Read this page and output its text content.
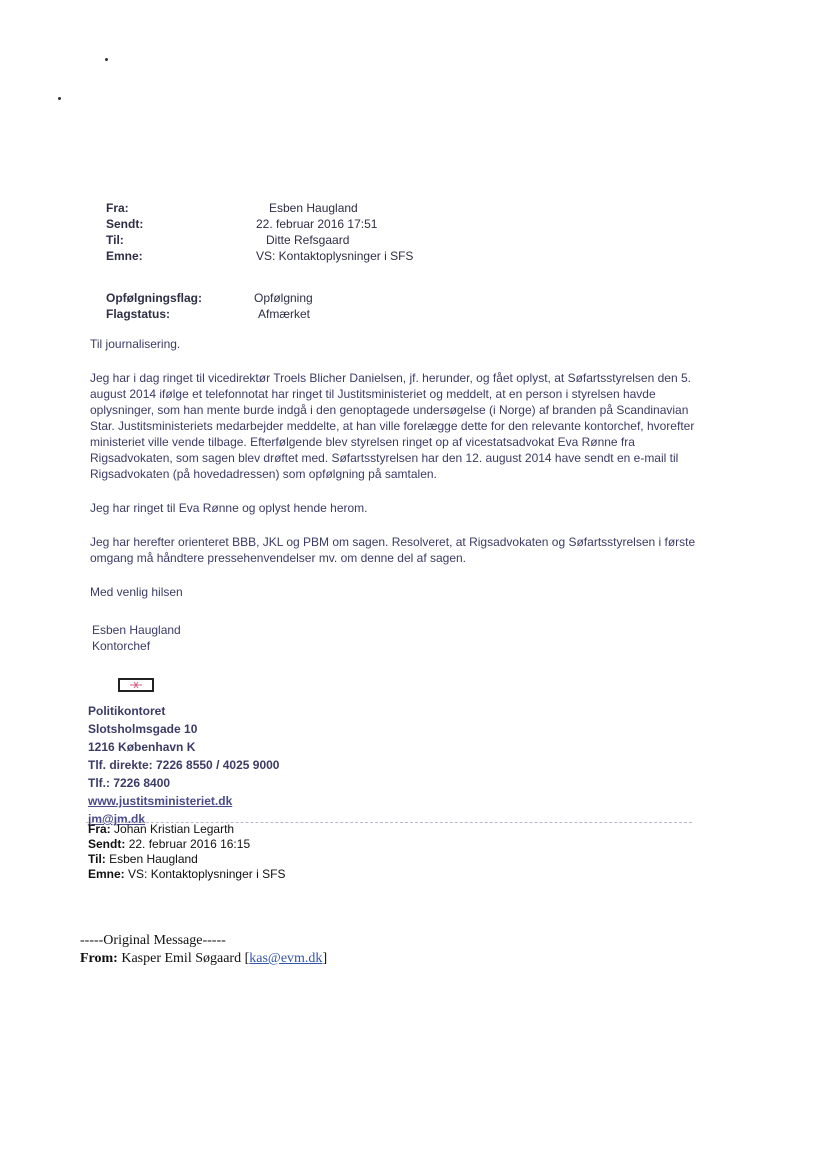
Fra:	Esben Haugland
Sendt:	22. februar 2016 17:51
Til:	Ditte Refsgaard
Emne:	VS: Kontaktoplysninger i SFS
Opfølgningsflag:	Opfølgning
Flagstatus:	Afmærket

Til journalisering.

Jeg har i dag ringet til vicedirektør Troels Blicher Danielsen, jf. herunder, og fået oplyst, at Søfartsstyrelsen den 5. august 2014 ifølge et telefonnotat har ringet til Justitsministeriet og meddelt, at en person i styrelsen havde oplysninger, som han mente burde indgå i den genoptagede undersøgelse (i Norge) af branden på Scandinavian Star. Justitsministeriets medarbejder meddelte, at han ville forelægge dette for den relevante kontorchef, hvorefter ministeriet ville vende tilbage. Efterfølgende blev styrelsen ringet op af vicestatsadvokat Eva Rønne fra Rigsadvokaten, som sagen blev drøftet med. Søfartsstyrelsen har den 12. august 2014 have sendt en e-mail til Rigsadvokaten (på hovedadressen) som opfølgning på samtalen.

Jeg har ringet til Eva Rønne og oplyst hende herom.

Jeg har herefter orienteret BBB, JKL og PBM om sagen. Resolveret, at Rigsadvokaten og Søfartsstyrelsen i første omgang må håndtere pressehenvendelser mv. om denne del af sagen.

Med venlig hilsen

Esben Haugland
Kontorchef
Politikontoret
Slotsholmsgade 10
1216 København K
Tlf. direkte: 7226 8550 / 4025 9000
Tlf.: 7226 8400
www.justitsministeriet.dk
jm@jm.dk
Fra: Johan Kristian Legarth
Sendt: 22. februar 2016 16:15
Til: Esben Haugland
Emne: VS: Kontaktoplysninger i SFS
-----Original Message-----
From: Kasper Emil Søgaard [kas@evm.dk]
